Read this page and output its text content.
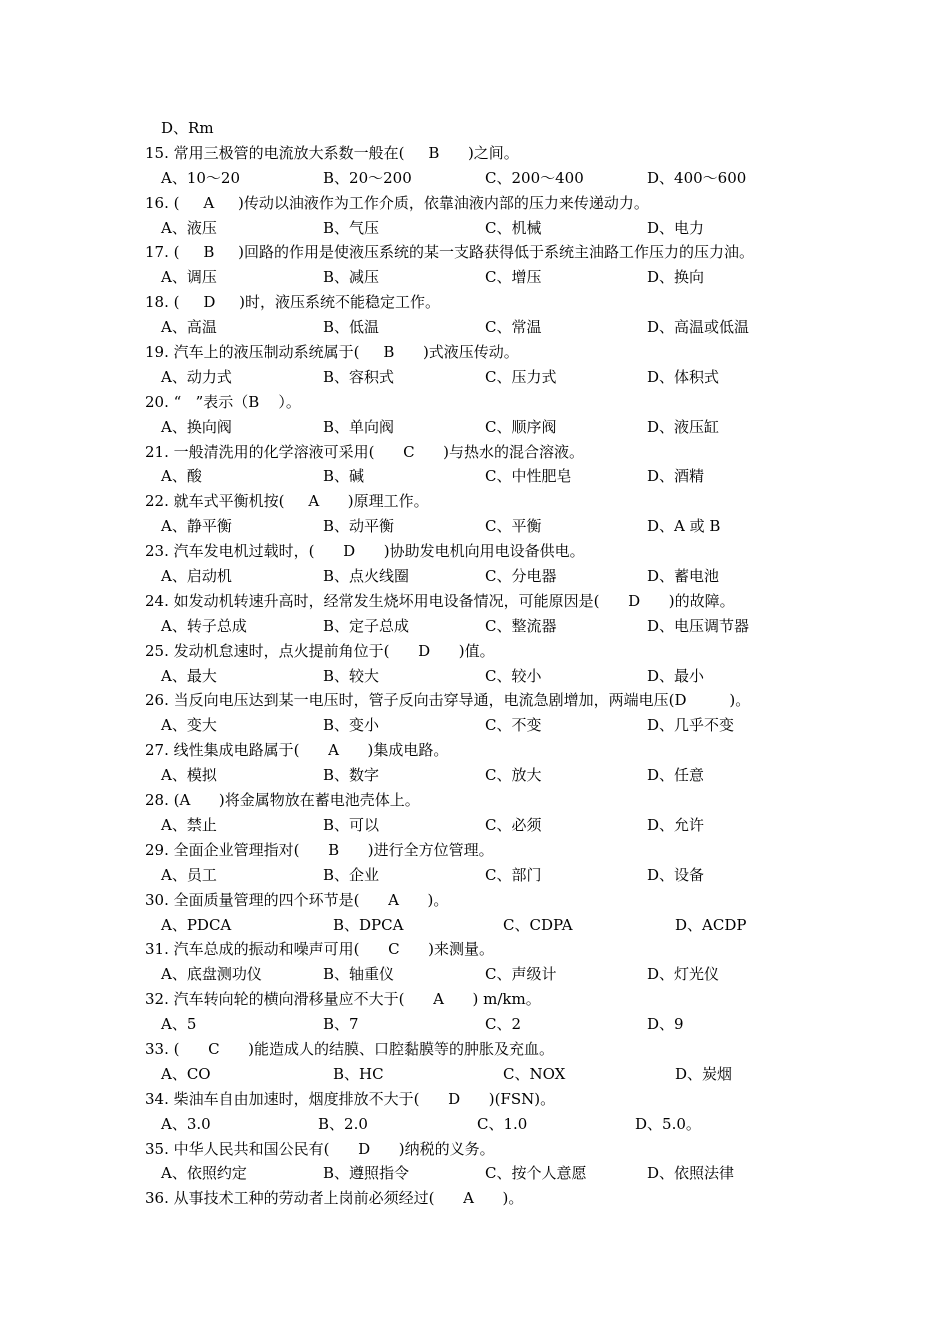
D、Rm
15. 常用三极管的电流放大系数一般在(     B      )之间。
A、10～20	B、20～200	C、200～400	D、400～600
16. (     A     )传动以油液作为工作介质，依靠油液内部的压力来传递动力。
A、液压	B、气压	C、机械	D、电力
17. (     B     )回路的作用是使液压系统的某一支路获得低于系统主油路工作压力的压力油。
A、调压	B、减压	C、增压	D、换向
18. (     D     )时，液压系统不能稳定工作。
A、高温	B、低温	C、常温	D、高温或低温
19. 汽车上的液压制动系统属于(     B      )式液压传动。
A、动力式	B、容积式	C、压力式	D、体积式
20. “   ”表示（B    ）。
A、换向阀	B、单向阀	C、顺序阀	D、液压缸
21. 一般清洗用的化学溶液可采用(      C      )与热水的混合溶液。
A、酸	B、碱	C、中性肥皂	D、酒精
22. 就车式平衡机按(     A      )原理工作。
A、静平衡	B、动平衡	C、平衡	D、A 或 B
23. 汽车发电机过载时，(      D      )协助发电机向用电设备供电。
A、启动机	B、点火线圈	C、分电器	D、蓄电池
24. 如发动机转速升高时，经常发生烧坏用电设备情况，可能原因是(      D      )的故障。
A、转子总成	B、定子总成	C、整流器	D、电压调节器
25. 发动机怠速时，点火提前角位于(      D      )值。
A、最大	B、较大	C、较小	D、最小
26. 当反向电压达到某一电压时，管子反向击穿导通，电流急剧增加，两端电压(D         )。
A、变大	B、变小	C、不变	D、几乎不变
27. 线性集成电路属于(      A      )集成电路。
A、模拟	B、数字	C、放大	D、任意
28. (A      )将金属物放在蓄电池壳体上。
A、禁止	B、可以	C、必须	D、允许
29. 全面企业管理指对(      B      )进行全方位管理。
A、员工	B、企业	C、部门	D、设备
30. 全面质量管理的四个环节是(      A      )。
A、PDCA	B、DPCA	C、CDPA	D、ACDP
31. 汽车总成的振动和噪声可用(      C      )来测量。
A、底盘测功仪	B、轴重仪	C、声级计	D、灯光仪
32. 汽车转向轮的横向滑移量应不大于(      A      ) m/km。
A、5	B、7	C、2	D、9
33. (      C      )能造成人的结膜、口腔黏膜等的肿胀及充血。
A、CO	B、HC	C、NOX	D、炭烟
34. 柴油车自由加速时，烟度排放不大于(      D      )(FSN)。
A、3.0	B、2.0	C、1.0	D、5.0。
35. 中华人民共和国公民有(      D      )纳税的义务。
A、依照约定	B、遵照指令	C、按个人意愿	D、依照法律
36. 从事技术工种的劳动者上岗前必须经过(      A      )。
